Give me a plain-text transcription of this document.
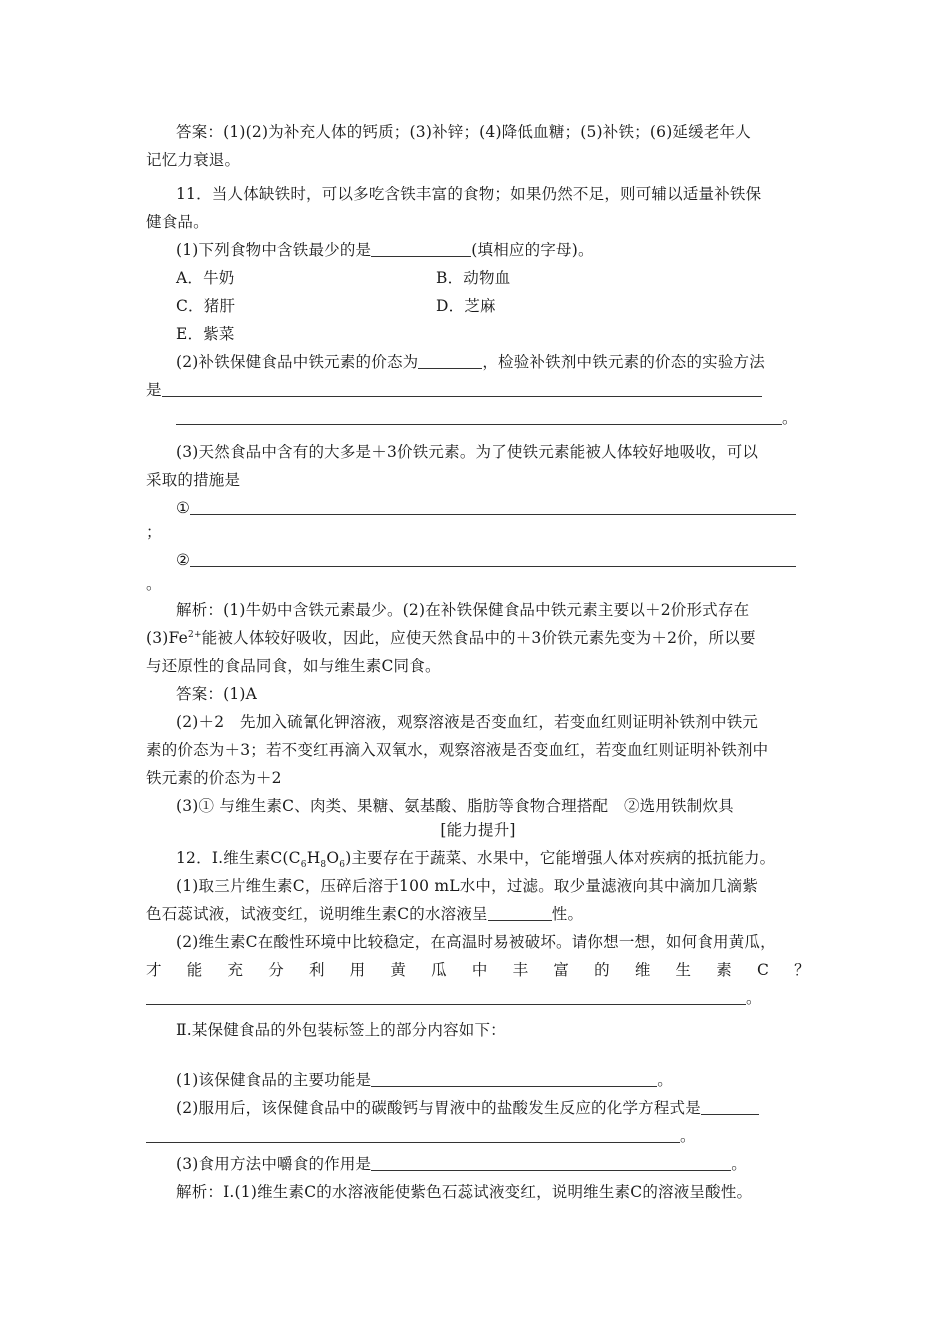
答案：(1)(2)为补充人体的钙质；(3)补锌；(4)降低血糖；(5)补铁；(6)延缓老年人
记忆力衰退。
11．当人体缺铁时，可以多吃含铁丰富的食物；如果仍然不足，则可辅以适量补铁保
健食品。
(1)下列食物中含铁最少的是	(填相应的字母)。
A．牛奶	B．动物血
C．猪肝	D．芝麻
E．紫菜
(2)补铁保健食品中铁元素的价态为	，检验补铁剂中铁元素的价态的实验方法
是
。
(3)天然食品中含有的大多是＋3价铁元素。为了使铁元素能被人体较好地吸收，可以
采取的措施是
①
；
②
。
解析：(1)牛奶中含铁元素最少。(2)在补铁保健食品中铁元素主要以＋2价形式存在
$(3)Fe^{2+}$能被人体较好吸收，因此，应使天然食品中的＋3价铁元素先变为＋2价，所以要
与还原性的食品同食，如与维生素C同食。
答案：(1)A
(2)＋2　先加入硫氰化钾溶液，观察溶液是否变血红，若变血红则证明补铁剂中铁元
素的价态为＋3；若不变红再滴入双氧水，观察溶液是否变血红，若变血红则证明补铁剂中
铁元素的价态为＋2
(3)① 与维生素C、肉类、果糖、氨基酸、脂肪等食物合理搭配　②选用铁制炊具
[能力提升]
12．Ⅰ.维生素$C(C_6H_8O_6)$主要存在于蔬菜、水果中，它能增强人体对疾病的抵抗能力。
(1)取三片维生素C，压碎后溶于100 mL水中，过滤。取少量滤液向其中滴加几滴紫
色石蕊试液，试液变红，说明维生素C的水溶液呈	性。
(2)维生素C在酸性环境中比较稳定，在高温时易被破坏。请你想一想，如何食用黄瓜，
才 能 充 分 利 用 黄 瓜 中 丰 富 的 维 生 素 C ？
。
Ⅱ.某保健食品的外包装标签上的部分内容如下：
(1)该保健食品的主要功能是	。
(2)服用后，该保健食品中的碳酸钙与胃液中的盐酸发生反应的化学方程式是
。
(3)食用方法中嚼食的作用是	。
解析：Ⅰ.(1)维生素C的水溶液能使紫色石蕊试液变红，说明维生素C的溶液呈酸性。
